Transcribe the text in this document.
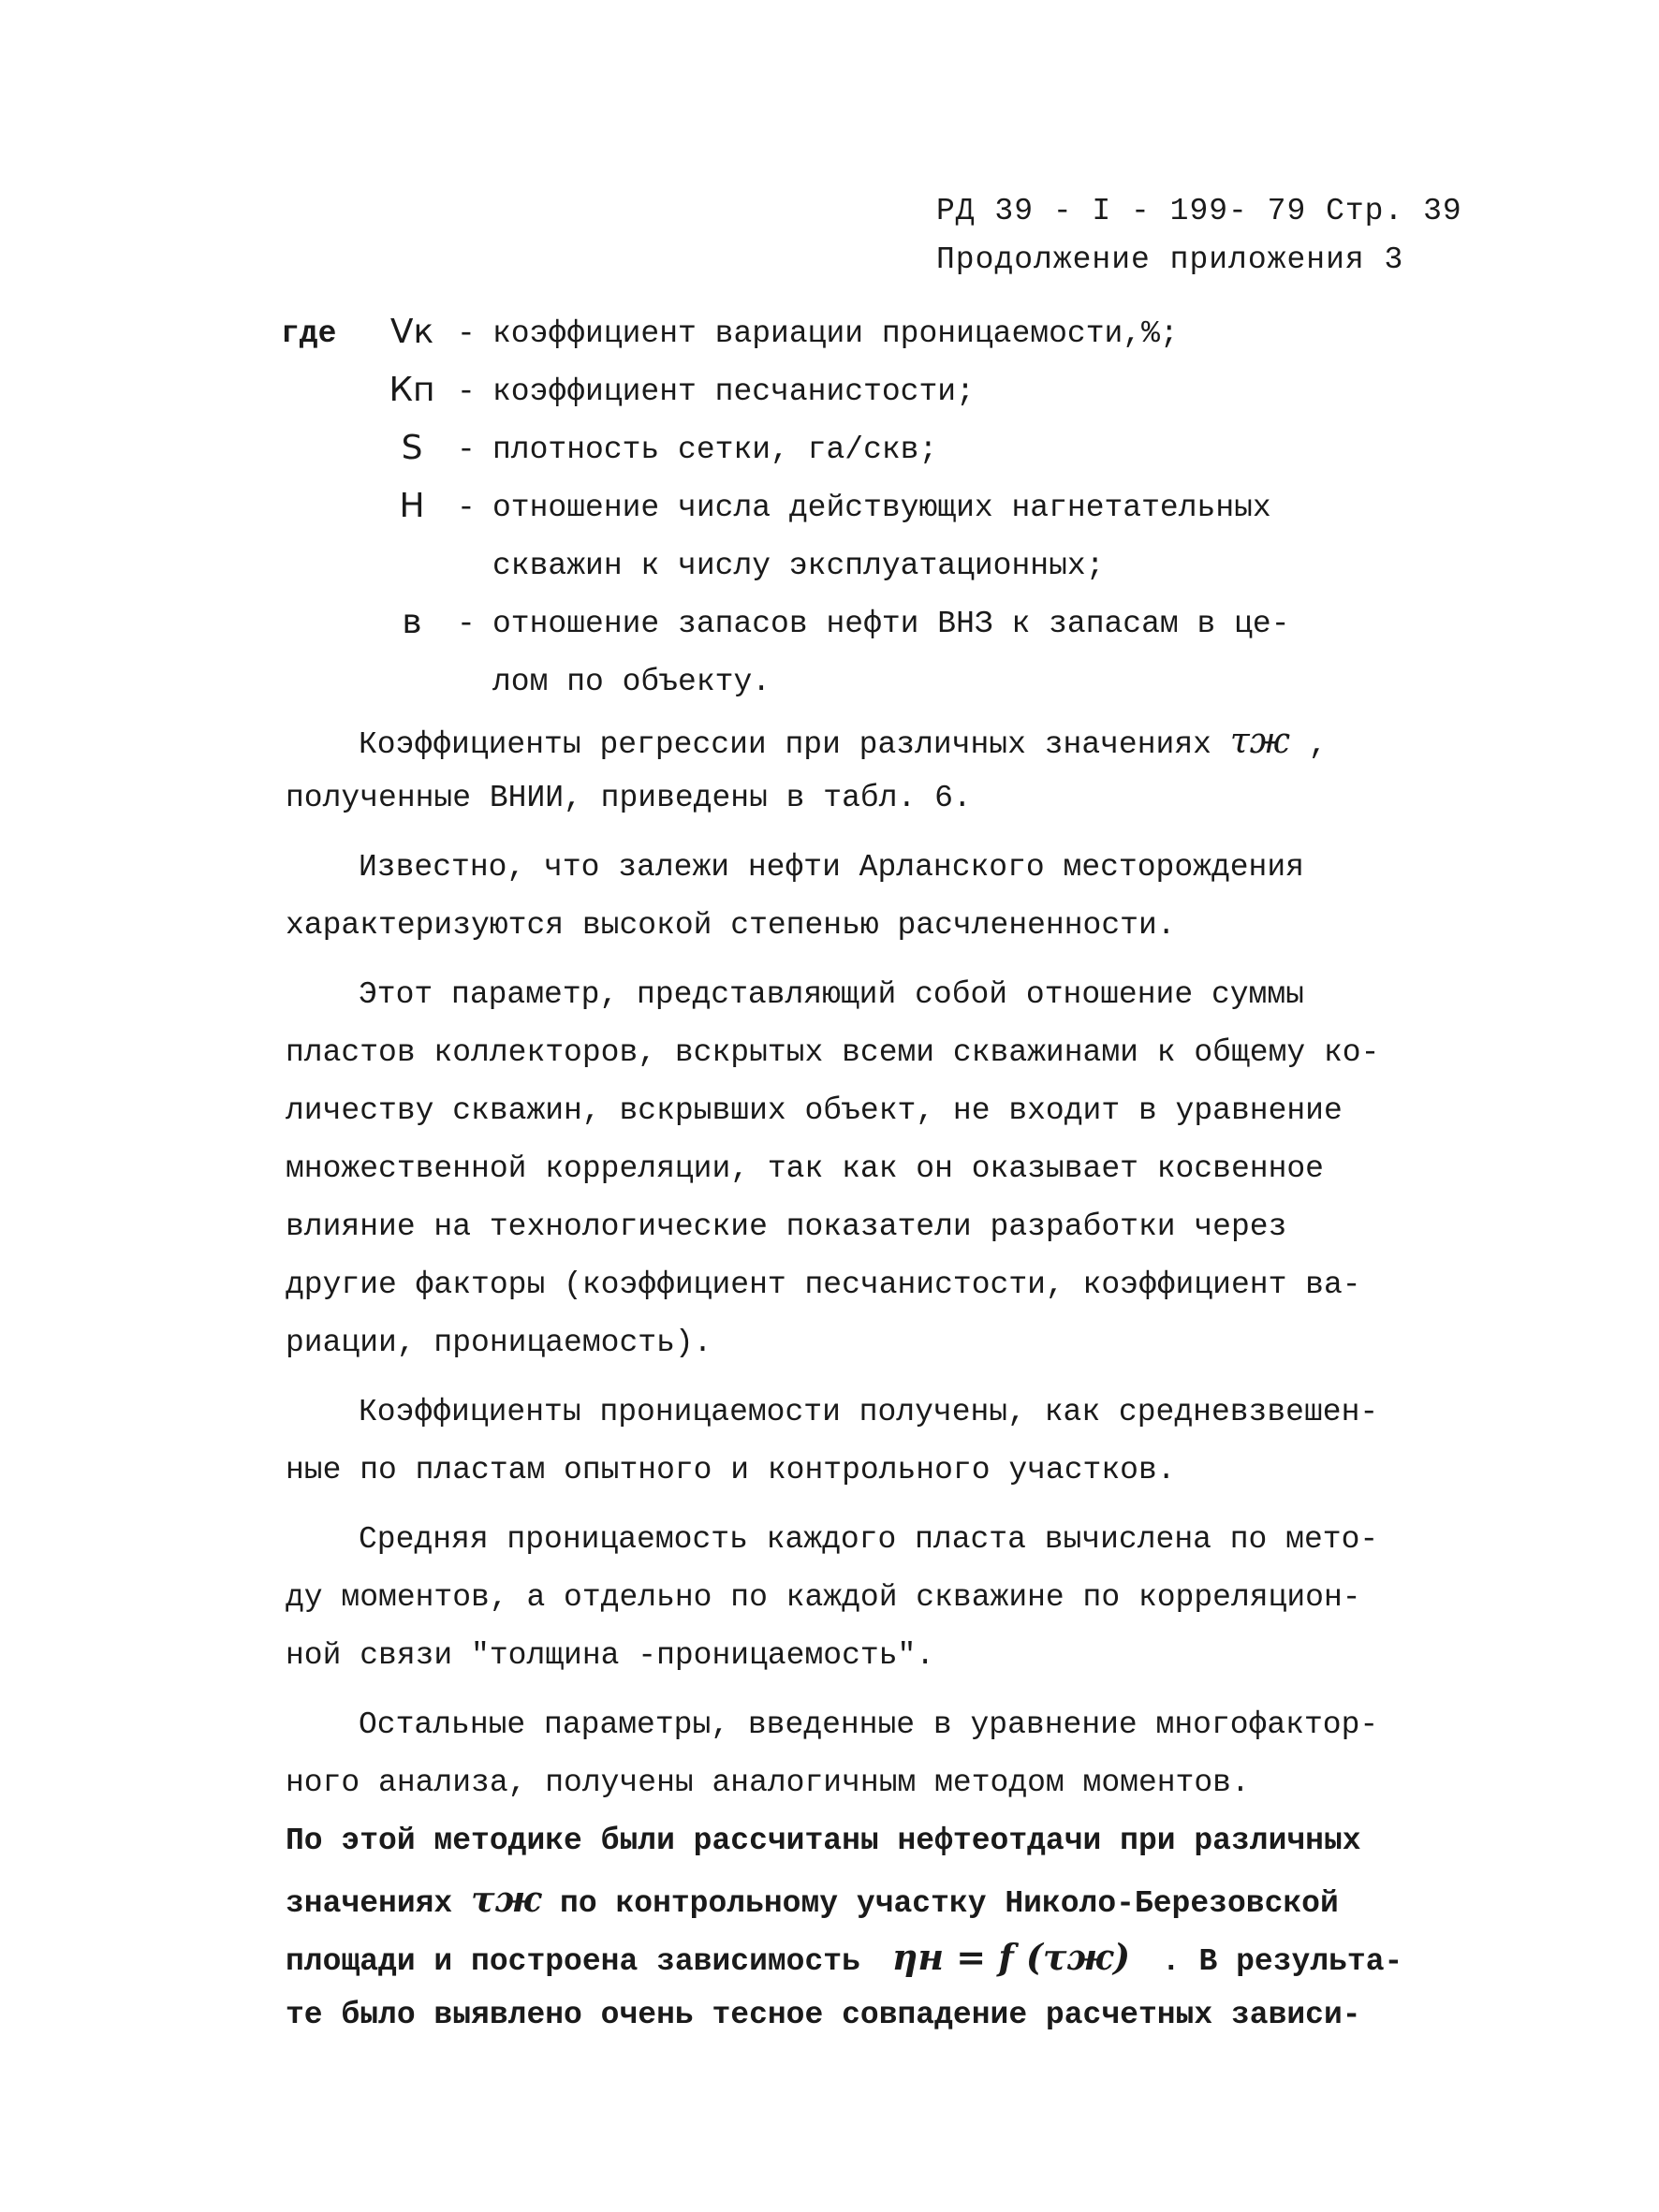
РД 39 - I - 199- 79 Стр. 39
Продолжение приложения 3
где	Vк - коэффициент вариации проницаемости,%;
Кп - коэффициент песчанистости;
S	- плотность сетки, га/скв;
Н	- отношение числа действующих нагнетательных
скважин к числу эксплуатационных;
в	- отношение запасов нефти ВНЗ к запасам в це-
лом по объекту.
Коэффициенты регрессии при различных значениях τж ,
полученные ВНИИ, приведены в табл. 6.
Известно, что залежи нефти Арланского месторождения
характеризуются высокой степенью расчлененности.
Этот параметр, представляющий собой отношение суммы
пластов коллекторов, вскрытых всеми скважинами к общему ко-
личеству скважин, вскрывших объект, не входит в уравнение
множественной корреляции, так как он оказывает косвенное
влияние на технологические показатели разработки через
другие факторы (коэффициент песчанистости, коэффициент ва-
риации, проницаемость).
Коэффициенты проницаемости получены, как средневзвешен-
ные по пластам опытного и контрольного участков.
Средняя проницаемость каждого пласта вычислена по мето-
ду моментов, а отдельно по каждой скважине по корреляцион-
ной связи "толщина -проницаемость".
Остальные параметры, введенные в уравнение многофактор-
ного анализа, получены аналогичным методом моментов.
По этой методике были рассчитаны нефтеотдачи при различных
значениях τж по контрольному участку Николо-Березовской
площади и построена зависимость ηн = f (τж) . В результа-
те было выявлено очень тесное совпадение расчетных зависи-
